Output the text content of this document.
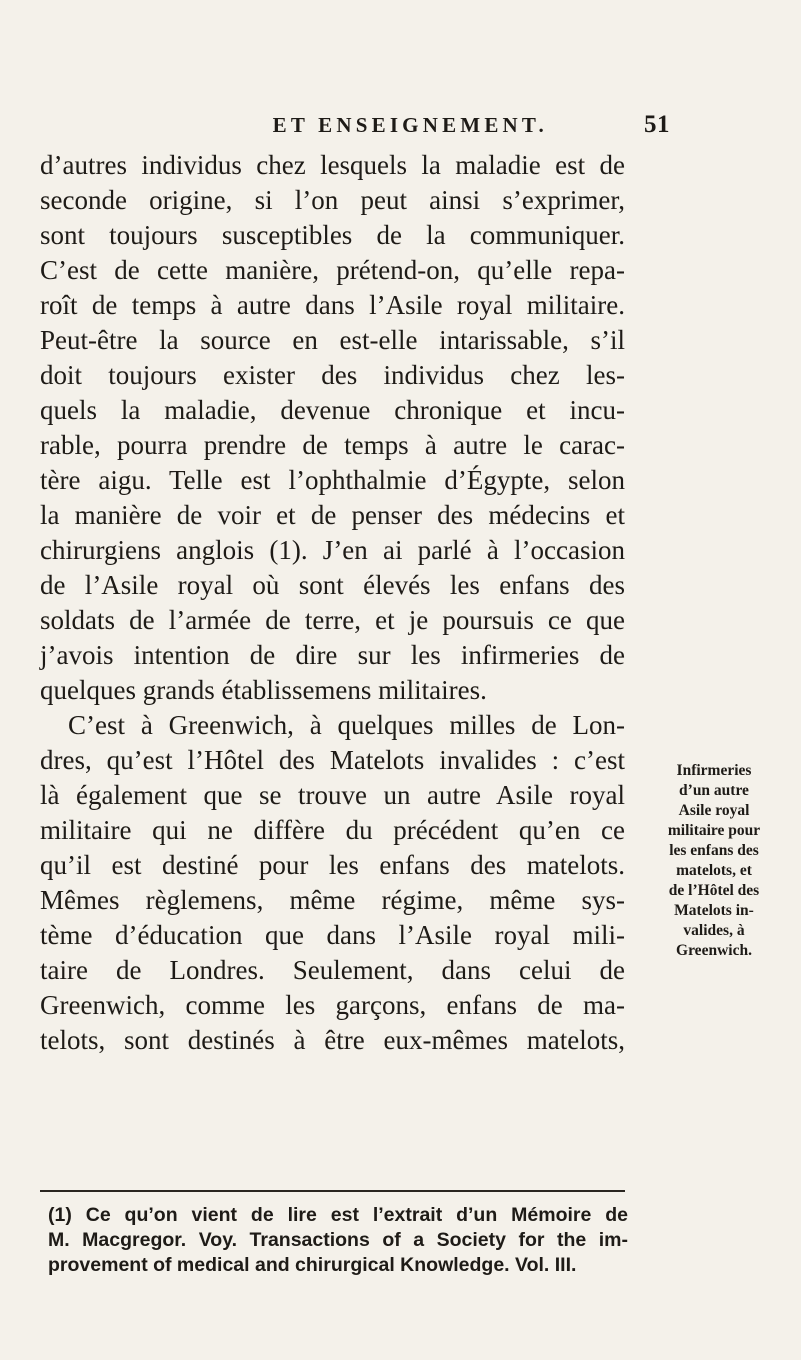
ET ENSEIGNEMENT.	51
d’autres individus chez lesquels la maladie est de
seconde origine, si l’on peut ainsi s’exprimer,
sont toujours susceptibles de la communiquer.
C’est de cette manière, prétend-on, qu’elle repa-
roît de temps à autre dans l’Asile royal militaire.
Peut-être la source en est-elle intarissable, s’il
doit toujours exister des individus chez les-
quels la maladie, devenue chronique et incu-
rable, pourra prendre de temps à autre le carac-
tère aigu. Telle est l’ophthalmie d’Égypte, selon
la manière de voir et de penser des médecins et
chirurgiens anglois (1). J’en ai parlé à l’occasion
de l’Asile royal où sont élevés les enfans des
soldats de l’armée de terre, et je poursuis ce que
j’avois intention de dire sur les infirmeries de
quelques grands établissemens militaires.
C’est à Greenwich, à quelques milles de Lon-
dres, qu’est l’Hôtel des Matelots invalides : c’est
là également que se trouve un autre Asile royal
militaire qui ne diffère du précédent qu’en ce
qu’il est destiné pour les enfans des matelots.
Mêmes règlemens, même régime, même sys-
tème d’éducation que dans l’Asile royal mili-
taire de Londres. Seulement, dans celui de
Greenwich, comme les garçons, enfans de ma-
telots, sont destinés à être eux-mêmes matelots,
Infirmeries
d’un autre
Asile royal
militaire pour
les enfans des
matelots, et
de l’Hôtel des
Matelots in-
valides, à
Greenwich.
(1) Ce qu’on vient de lire est l’extrait d’un Mémoire de
M. Macgregor. Voy. Transactions of a Society for the im-
provement of medical and chirurgical Knowledge. Vol. III.
